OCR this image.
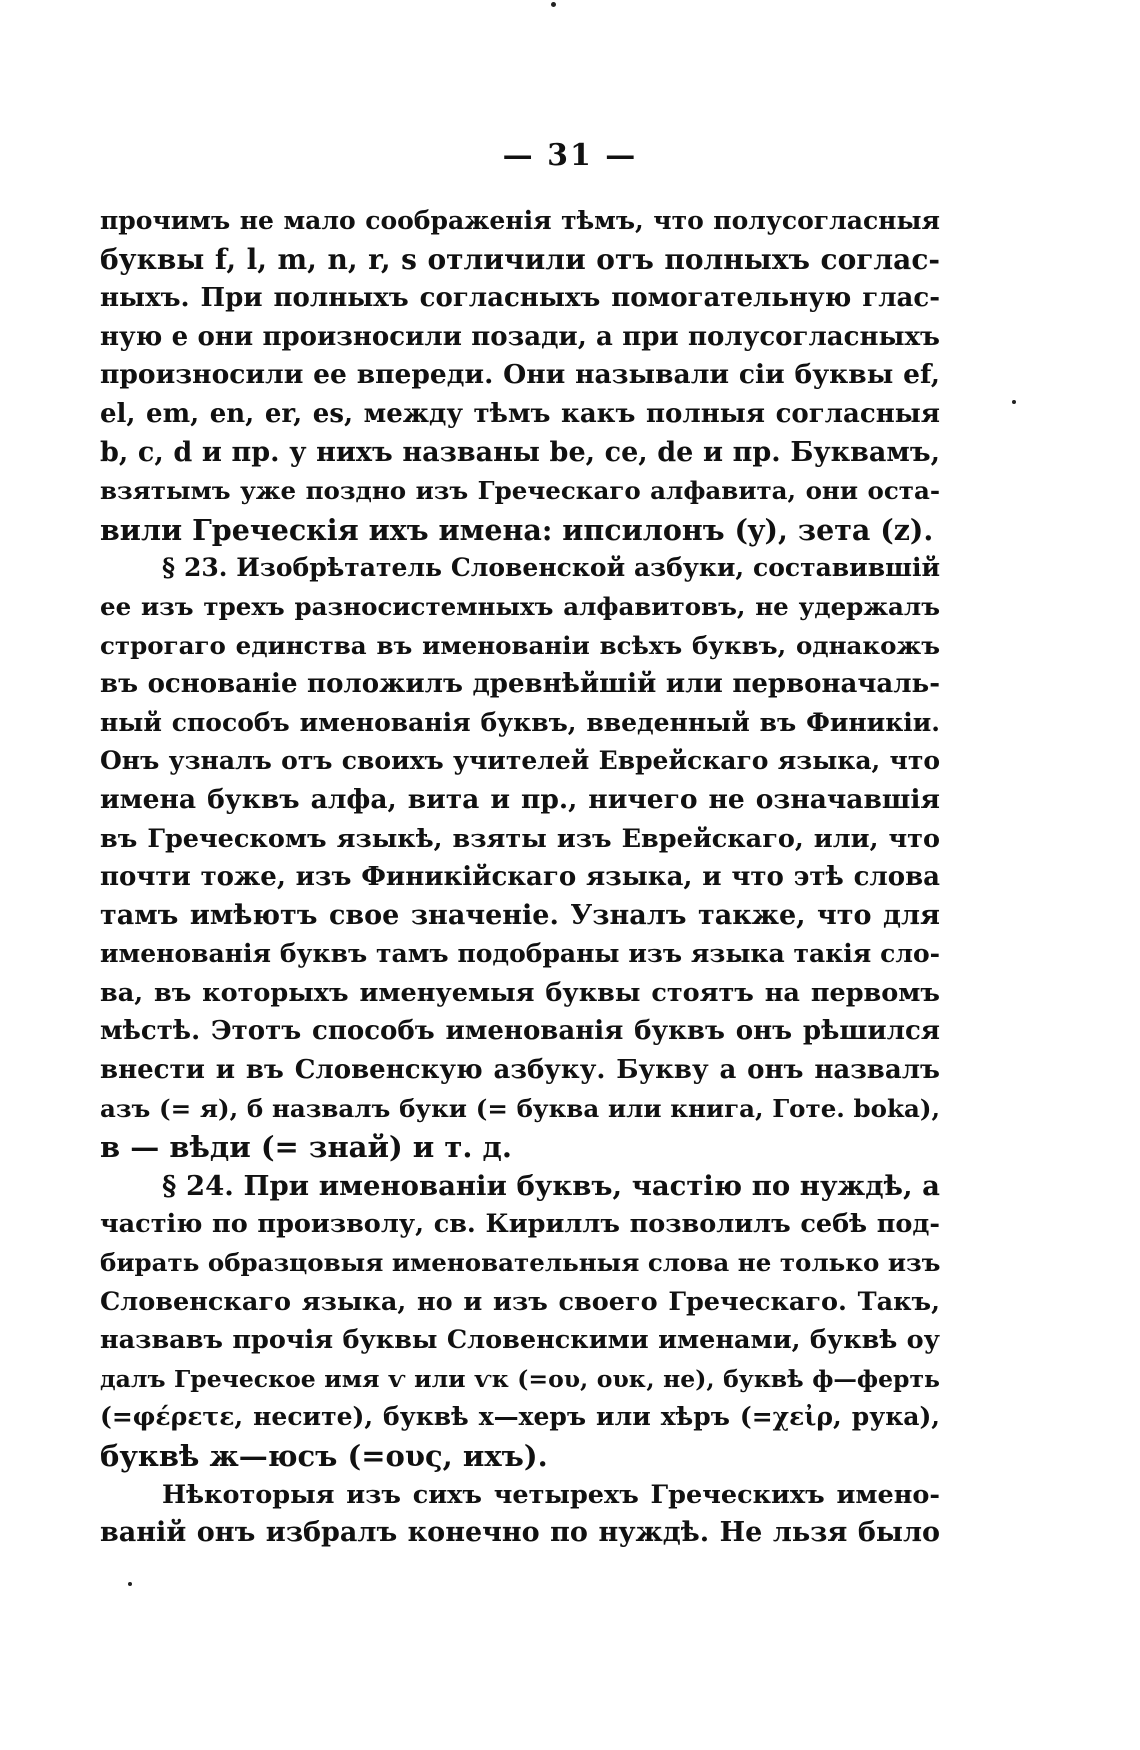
— 31 —
прочимъ не мало соображенія тѣмъ, что полусогласныя
буквы f, l, m, n, r, s отличили отъ полныхъ соглас-
ныхъ. При полныхъ согласныхъ помогательную глас-
ную е они произносили позади, а при полусогласныхъ
произносили ее впереди. Они называли сіи буквы ef,
el, em, en, er, es, между тѣмъ какъ полныя согласныя
b, c, d и пр. у нихъ названы be, ce, de и пр. Буквамъ,
взятымъ уже поздно изъ Греческаго алфавита, они оста-
вили Греческія ихъ имена: ипсилонъ (y), зета (z).
§ 23. Изобрѣтатель Словенской азбуки, составившій
ее изъ трехъ разносистемныхъ алфавитовъ, не удержалъ
строгаго единства въ именованіи всѣхъ буквъ, однакожъ
въ основаніе положилъ древнѣйшій или первоначаль-
ный способъ именованія буквъ, введенный въ Финикіи.
Онъ узналъ отъ своихъ учителей Еврейскаго языка, что
имена буквъ алфа, вита и пр., ничего не означавшія
въ Греческомъ языкѣ, взяты изъ Еврейскаго, или, что
почти тоже, изъ Финикійскаго языка, и что этѣ слова
тамъ имѣютъ свое значеніе. Узналъ также, что для
именованія буквъ тамъ подобраны изъ языка такія сло-
ва, въ которыхъ именуемыя буквы стоятъ на первомъ
мѣстѣ. Этотъ способъ именованія буквъ онъ рѣшился
внести и въ Словенскую азбуку. Букву а онъ назвалъ
азъ (= я), б назвалъ буки (= буква или книга, Готе. boka),
в — вѣди (= знай) и т. д.
§ 24. При именованіи буквъ, частію по нуждѣ, а
частію по произволу, св. Кириллъ позволилъ себѣ под-
бирать образцовыя именовательныя слова не только изъ
Словенскаго языка, но и изъ своего Греческаго. Такъ,
назвавъ прочія буквы Словенскими именами, буквѣ оу
далъ Греческое имя ѵ или ѵк (=ου, ουκ, не), буквѣ ф—ферть
(=φέρετε, несите), буквѣ х—херъ или хѣръ (=χεἰρ, рука),
буквѣ ж—юсъ (=ους, ихъ).
Нѣкоторыя изъ сихъ четырехъ Греческихъ имено-
ваній онъ избралъ конечно по нуждѣ. Не льзя было
